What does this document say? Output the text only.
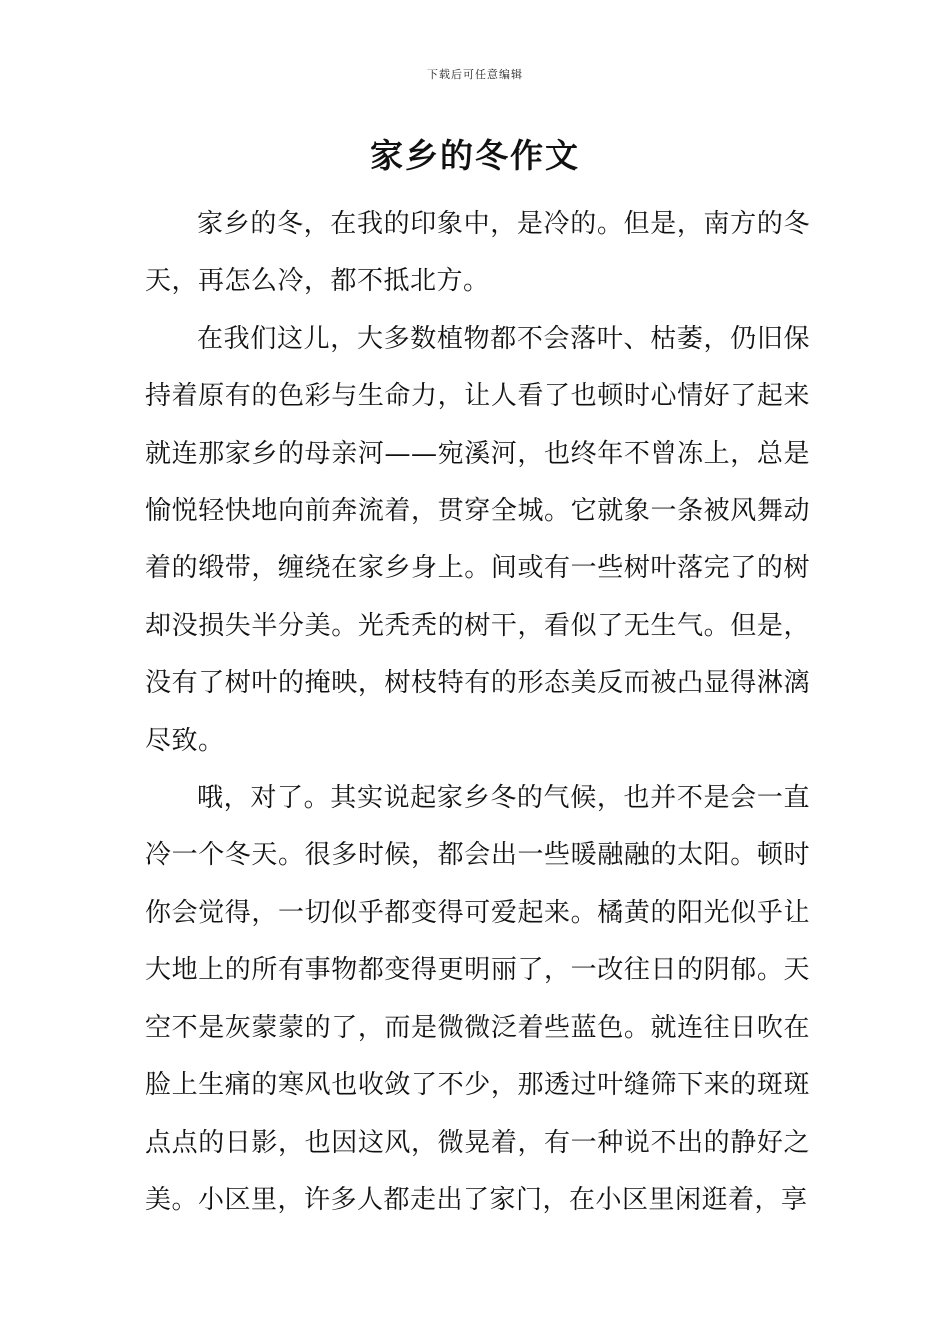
下载后可任意编辑
家乡的冬作文

家乡的冬，在我的印象中，是冷的。但是，南方的冬天，再怎么冷，都不抵北方。

在我们这儿，大多数植物都不会落叶、枯萎，仍旧保持着原有的色彩与生命力，让人看了也顿时心情好了起来就连那家乡的母亲河——宛溪河，也终年不曾冻上，总是愉悦轻快地向前奔流着，贯穿全城。它就象一条被风舞动着的缎带，缠绕在家乡身上。间或有一些树叶落完了的树却没损失半分美。光秃秃的树干，看似了无生气。但是，没有了树叶的掩映，树枝特有的形态美反而被凸显得淋漓尽致。

哦，对了。其实说起家乡冬的气候，也并不是会一直冷一个冬天。很多时候，都会出一些暖融融的太阳。顿时你会觉得，一切似乎都变得可爱起来。橘黄的阳光似乎让大地上的所有事物都变得更明丽了，一改往日的阴郁。天空不是灰蒙蒙的了，而是微微泛着些蓝色。就连往日吹在脸上生痛的寒风也收敛了不少，那透过叶缝筛下来的斑斑点点的日影，也因这风，微晃着，有一种说不出的静好之美。小区里，许多人都走出了家门，在小区里闲逛着，享
